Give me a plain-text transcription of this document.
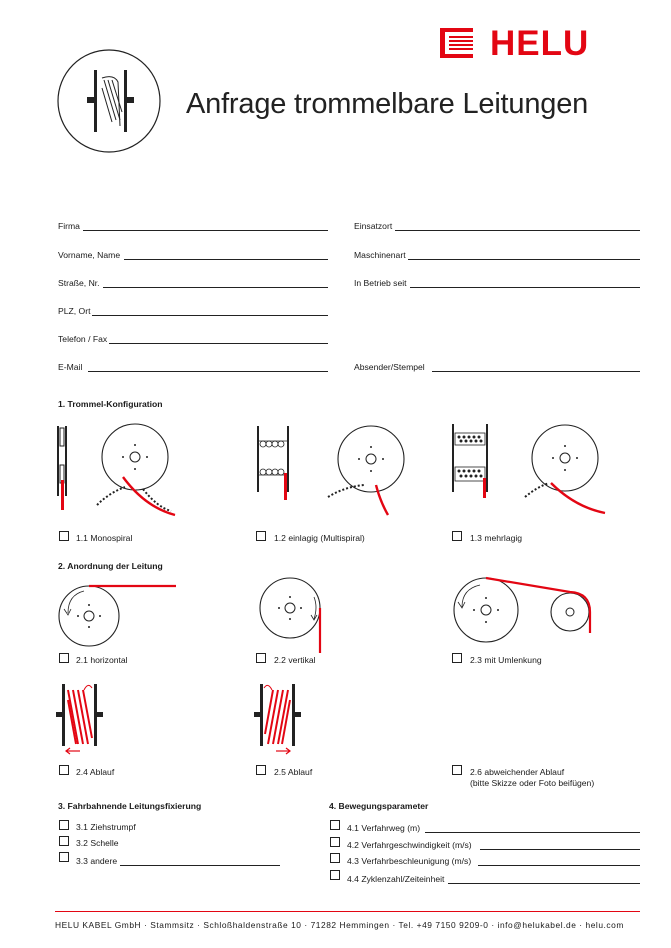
Anfrage trommelbare Leitungen
HELU
Firma
Vorname, Name
Straße, Nr.
PLZ, Ort
Telefon / Fax
E-Mail
Einsatzort
Maschinenart
In Betrieb seit
Absender/Stempel
1. Trommel-Konfiguration
1.1 Monospiral	1.2 einlagig (Multispiral)	1.3 mehrlagig
2. Anordnung der Leitung
2.1 horizontal	2.2 vertikal	2.3 mit Umlenkung
2.4 Ablauf	2.5 Ablauf	2.6 abweichender Ablauf
(bitte Skizze oder Foto beifügen)
3. Fahrbahnende Leitungsfixierung
3.1 Ziehstrumpf
3.2 Schelle
3.3 andere
4. Bewegungsparameter
4.1 Verfahrweg (m)
4.2 Verfahrgeschwindigkeit (m/s)
4.3 Verfahrbeschleunigung (m/s)
4.4 Zyklenzahl/Zeiteinheit
HELU KABEL GmbH · Stammsitz · Schloßhaldenstraße 10 · 71282 Hemmingen · Tel. +49 7150 9209-0 · info@helukabel.de · helu.com
